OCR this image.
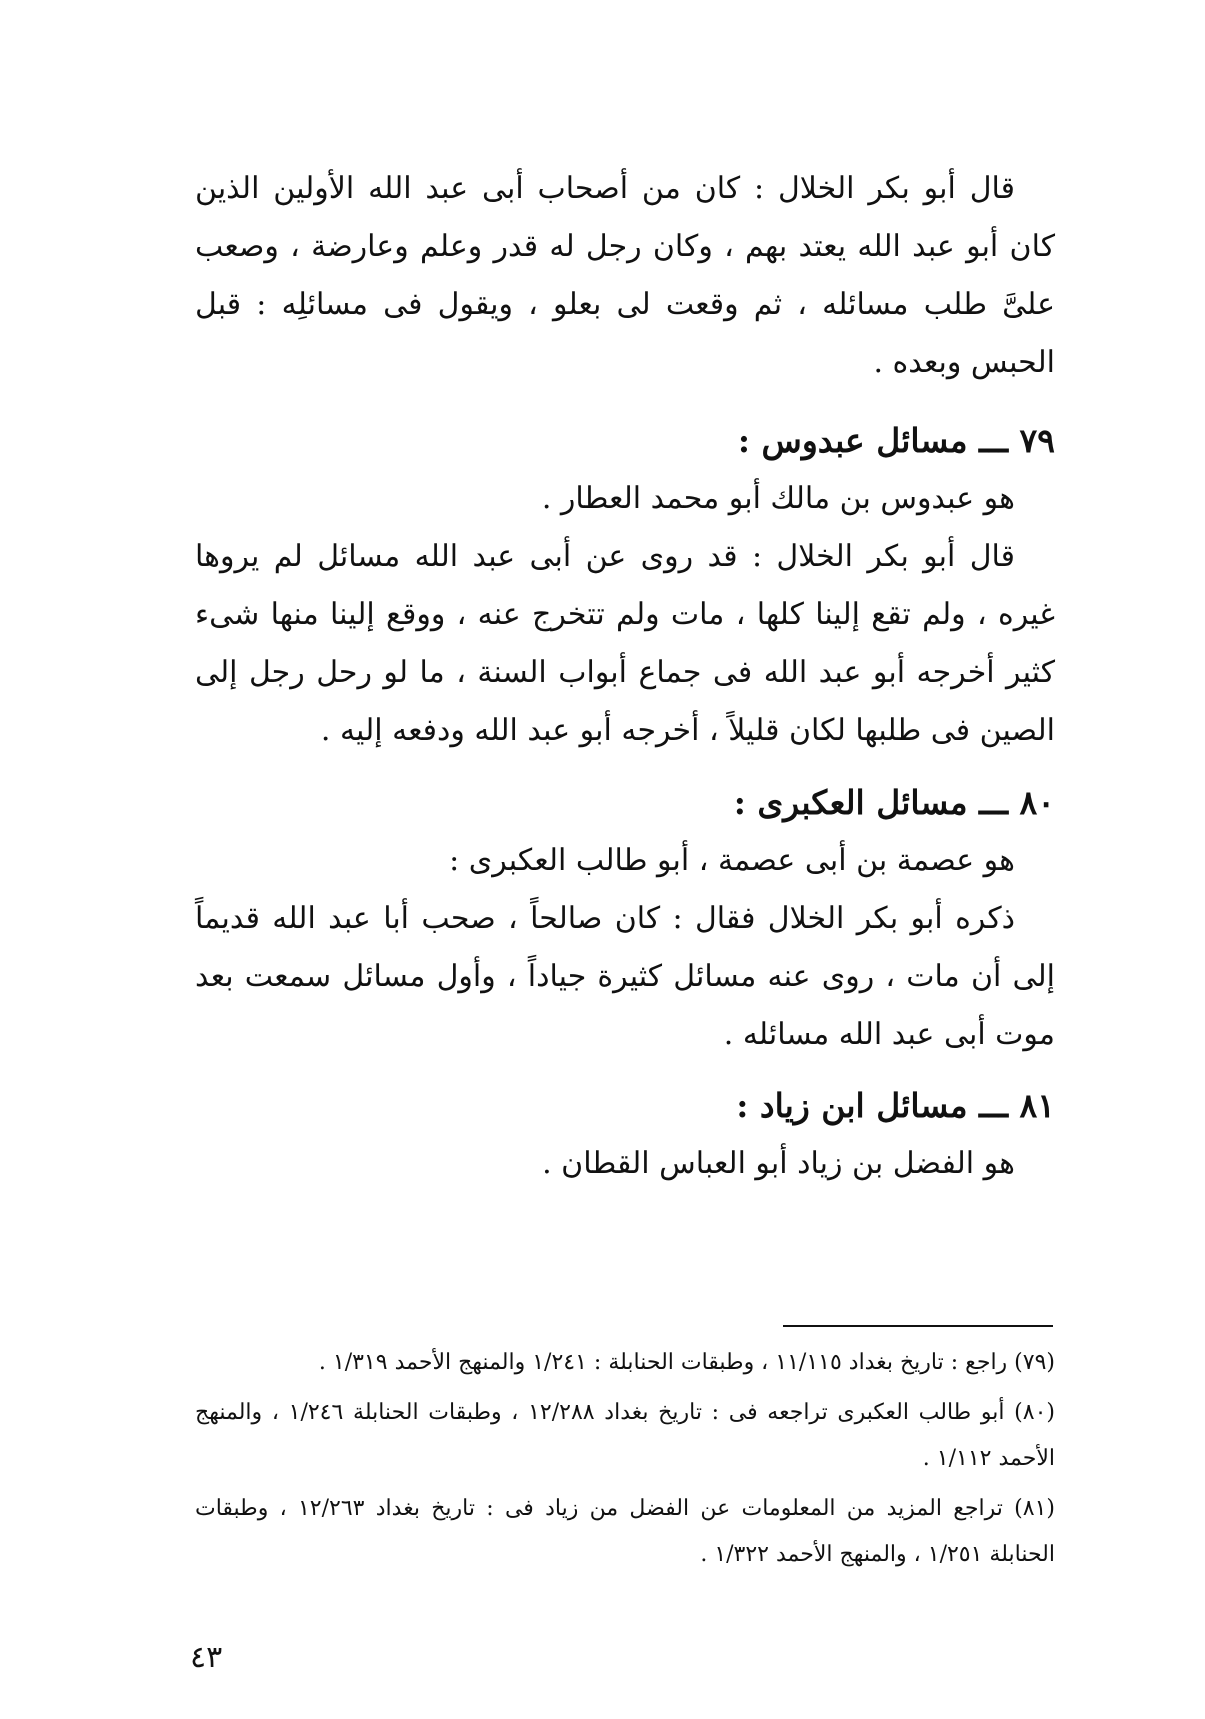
قال أبو بكر الخلال : كان من أصحاب أبى عبد الله الأولين الذين كان أبو عبد الله يعتد بهم ، وكان رجل له قدر وعلم وعارضة ، وصعب علىَّ طلب مسائله ، ثم وقعت لى بعلو ، ويقول فى مسائلِه : قبل الحبس وبعده .

٧٩ ـــ مسائل عبدوس :

هو عبدوس بن مالك أبو محمد العطار .

قال أبو بكر الخلال : قد روى عن أبى عبد الله مسائل لم يروها غيره ، ولم تقع إلينا كلها ، مات ولم تتخرج عنه ، ووقع إلينا منها شىء كثير أخرجه أبو عبد الله فى جماع أبواب السنة ، ما لو رحل رجل إلى الصين فى طلبها لكان قليلاً ، أخرجه أبو عبد الله ودفعه إليه .

٨٠ ـــ مسائل العكبرى :

هو عصمة بن أبى عصمة ، أبو طالب العكبرى :

ذكره أبو بكر الخلال فقال : كان صالحاً ، صحب أبا عبد الله قديماً إلى أن مات ، روى عنه مسائل كثيرة جياداً ، وأول مسائل سمعت بعد موت أبى عبد الله مسائله .

٨١ ـــ مسائل ابن زياد :

هو الفضل بن زياد أبو العباس القطان .

(٧٩) راجع : تاريخ بغداد ١١/١١٥ ، وطبقات الحنابلة : ١/٢٤١ والمنهج الأحمد ١/٣١٩ .

(٨٠) أبو طالب العكبرى تراجعه فى : تاريخ بغداد ١٢/٢٨٨ ، وطبقات الحنابلة ١/٢٤٦ ، والمنهج الأحمد ١/١١٢ .

(٨١) تراجع المزيد من المعلومات عن الفضل من زياد فى : تاريخ بغداد ١٢/٢٦٣ ، وطبقات الحنابلة ١/٢٥١ ، والمنهج الأحمد ١/٣٢٢ .

٤٣
